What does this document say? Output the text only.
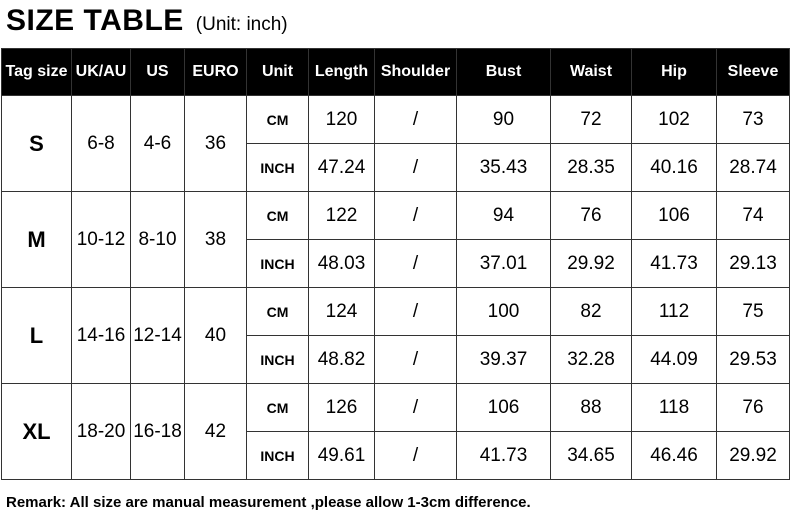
SIZE TABLE (Unit: inch)
Tag size	UK/AU	US	EURO	Unit	Length	Shoulder	Bust	Waist	Hip	Sleeve
S	6-8	4-6	36	CM	120	/	90	72	102	73
				INCH	47.24	/	35.43	28.35	40.16	28.74
M	10-12	8-10	38	CM	122	/	94	76	106	74
				INCH	48.03	/	37.01	29.92	41.73	29.13
L	14-16	12-14	40	CM	124	/	100	82	112	75
				INCH	48.82	/	39.37	32.28	44.09	29.53
XL	18-20	16-18	42	CM	126	/	106	88	118	76
				INCH	49.61	/	41.73	34.65	46.46	29.92
Remark: All size are manual measurement ,please allow 1-3cm difference.
